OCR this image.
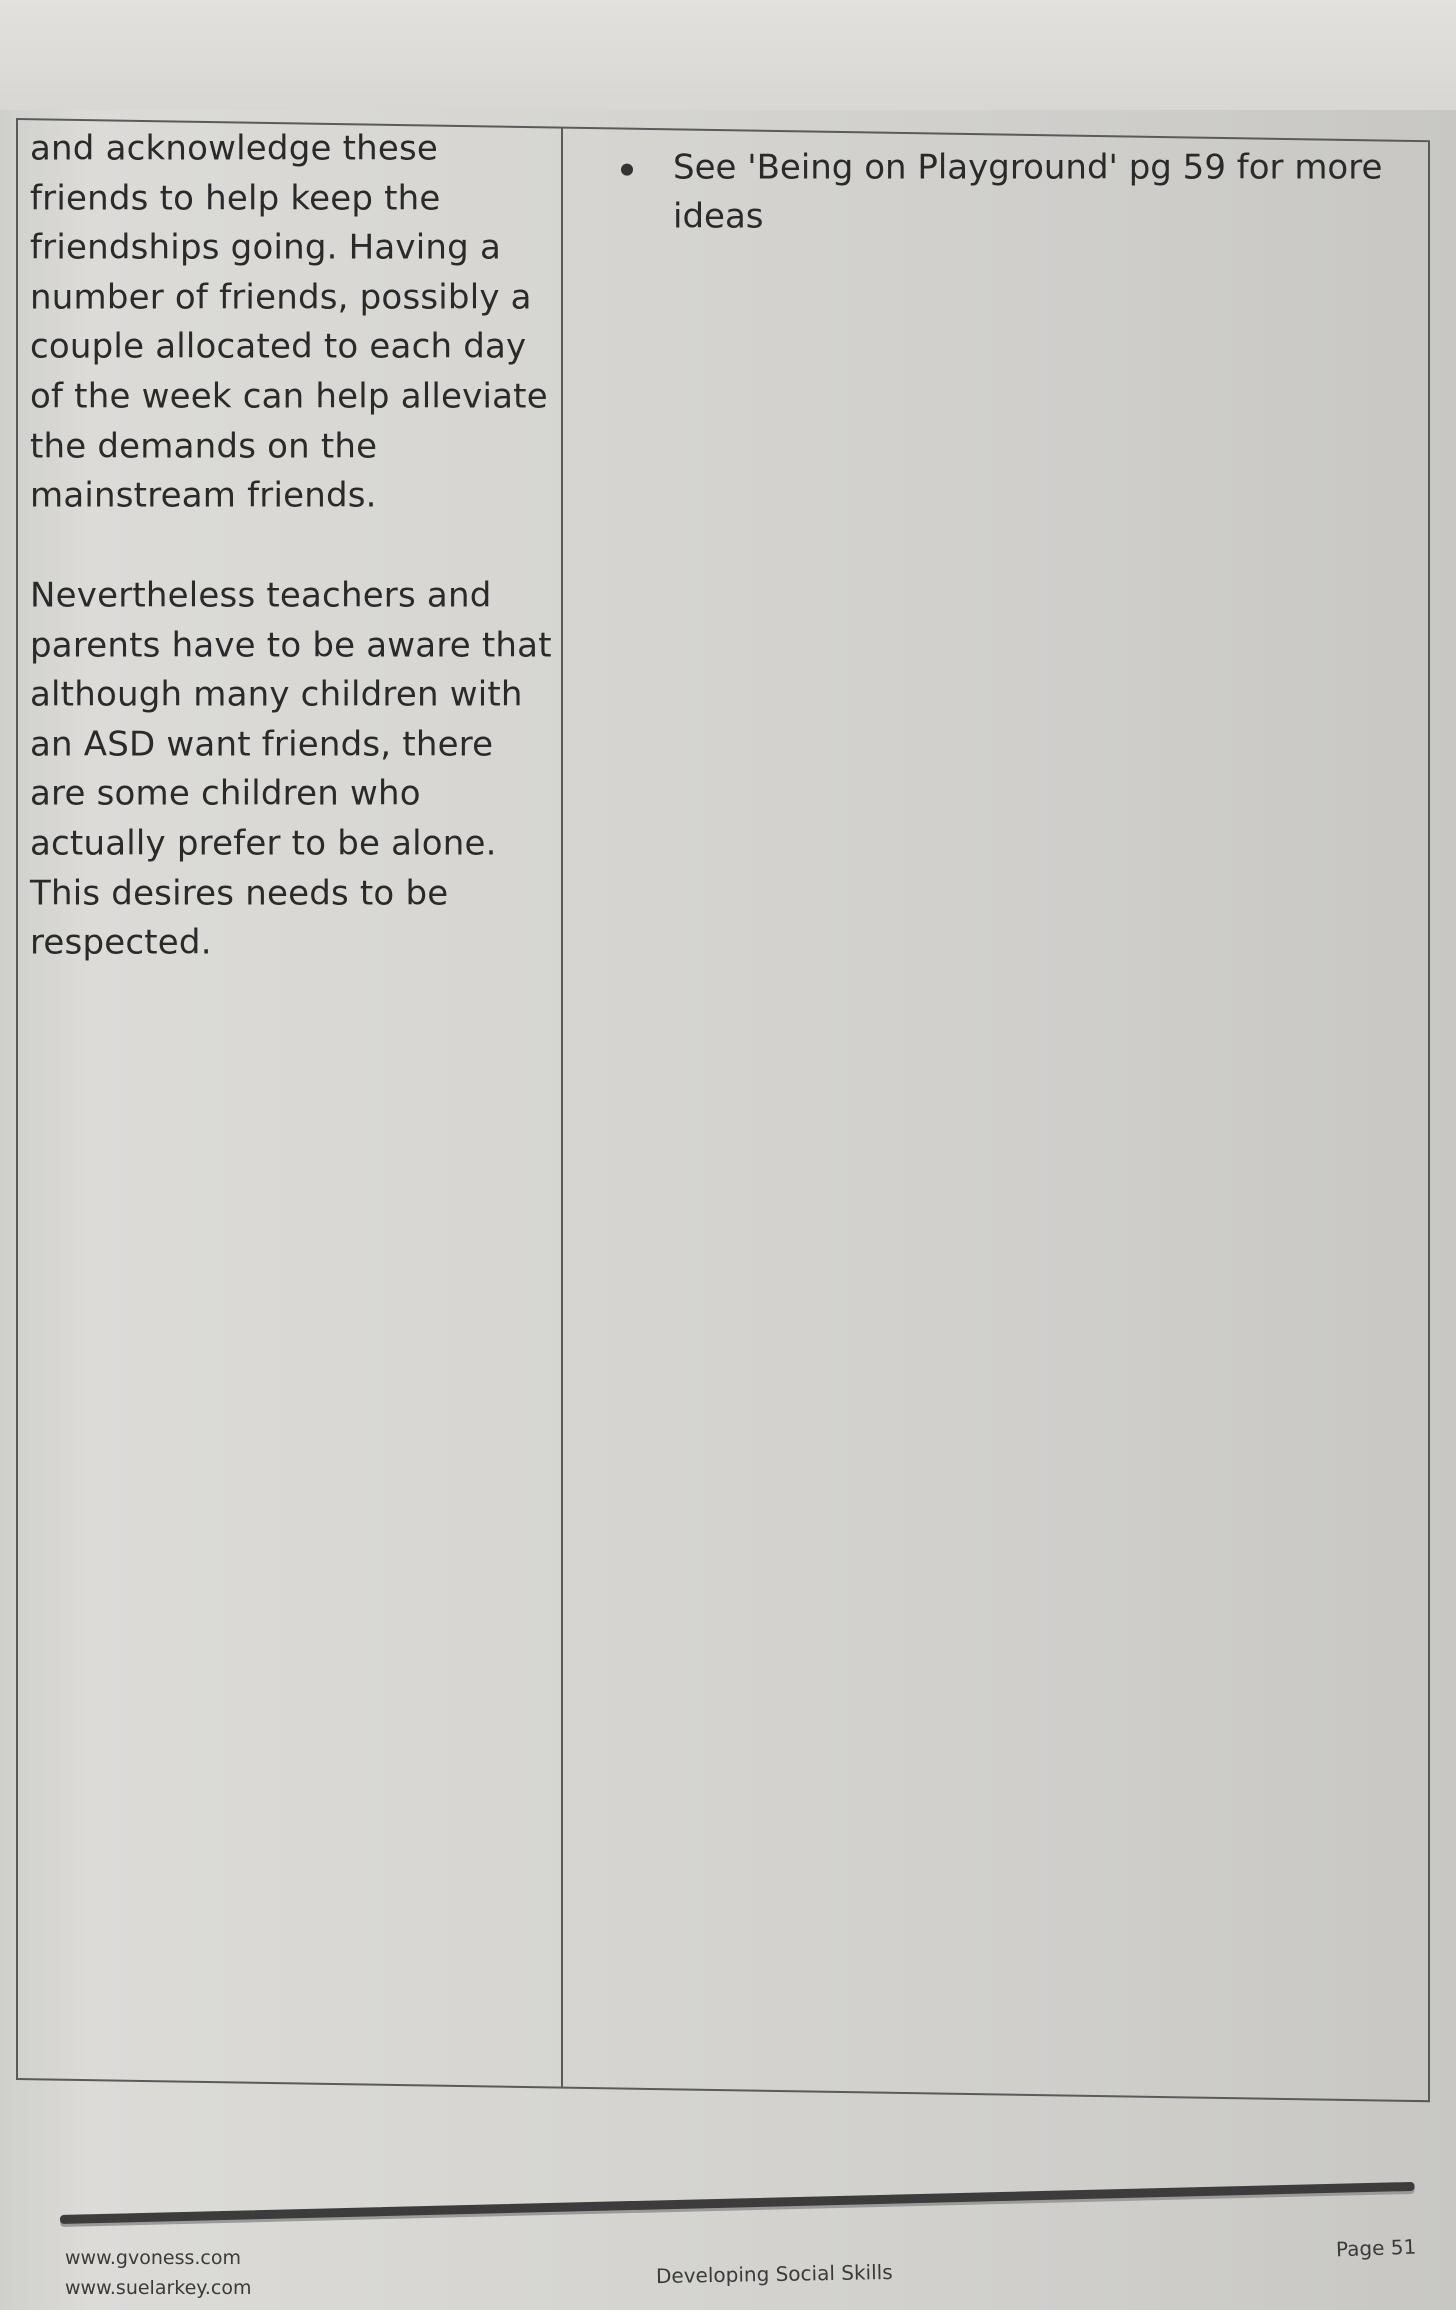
and acknowledge these friends to help keep the friendships going. Having a number of friends, possibly a couple allocated to each day of the week can help alleviate the demands on the mainstream friends.

Nevertheless teachers and parents have to be aware that although many children with an ASD want friends, there are some children who actually prefer to be alone. This desires needs to be respected.

See 'Being on Playground' pg 59 for more ideas
www.gvoness.com
www.suelarkey.com	Developing Social Skills
Page 51
